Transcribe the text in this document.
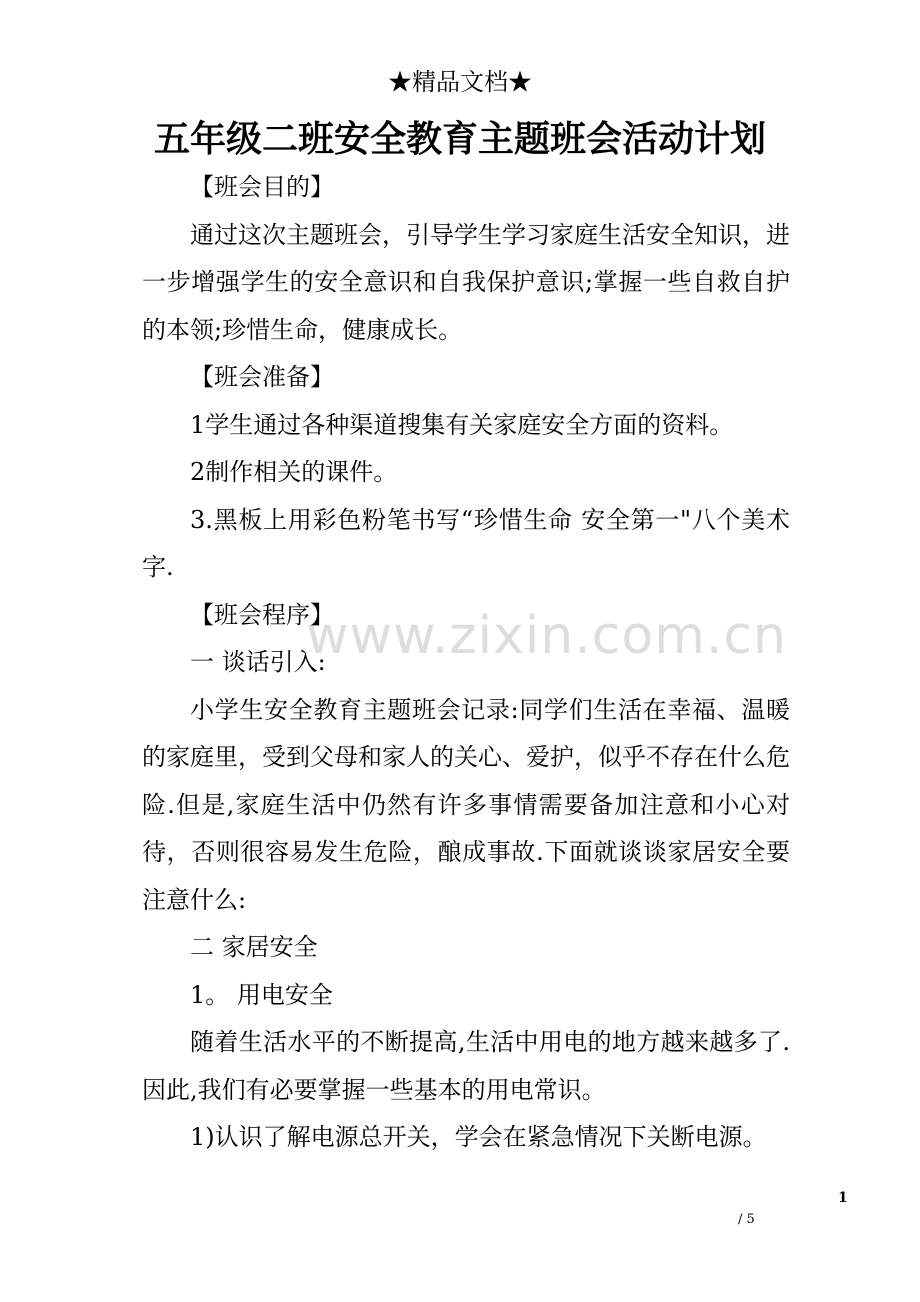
★精品文档★
五年级二班安全教育主题班会活动计划

【班会目的】

通过这次主题班会，引导学生学习家庭生活安全知识，进一步增强学生的安全意识和自我保护意识;掌握一些自救自护的本领;珍惜生命，健康成长。

【班会准备】

1学生通过各种渠道搜集有关家庭安全方面的资料。

2制作相关的课件。

3.黑板上用彩色粉笔书写“珍惜生命 安全第一"八个美术字.

【班会程序】

一 谈话引入:

小学生安全教育主题班会记录:同学们生活在幸福、温暖的家庭里，受到父母和家人的关心、爱护，似乎不存在什么危险.但是,家庭生活中仍然有许多事情需要备加注意和小心对待，否则很容易发生危险，酿成事故.下面就谈谈家居安全要注意什么:

二 家居安全

1。 用电安全

随着生活水平的不断提高,生活中用电的地方越来越多了.因此,我们有必要掌握一些基本的用电常识。

1)认识了解电源总开关，学会在紧急情况下关断电源。

www.zixin.com.cn
1
/ 5
